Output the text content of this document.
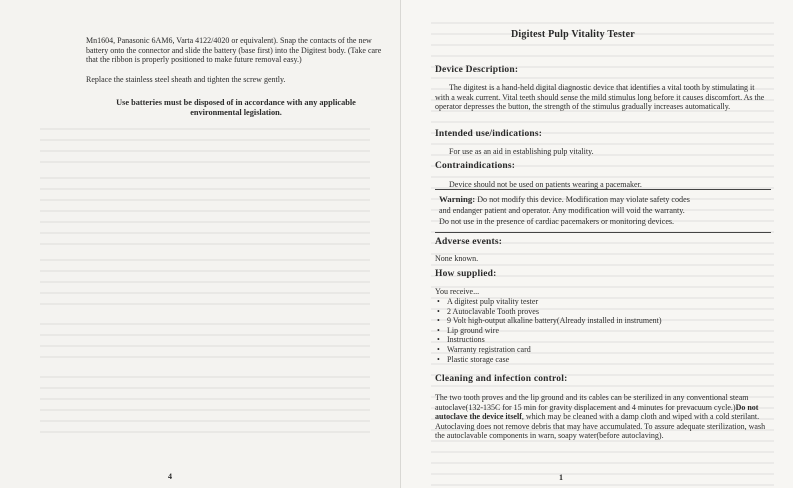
Mn1604, Panasonic 6AM6, Varta 4122/4020 or equivalent). Snap the contacts of the new battery onto the connector and slide the battery (base first) into the Digitest body. (Take care that the ribbon is properly positioned to make future removal easy.)
Replace the stainless steel sheath and tighten the screw gently.
Use batteries must be disposed of in accordance with any applicable environmental legislation.
4
Digitest Pulp Vitality Tester
Device Description:
The digitest is a hand-held digital diagnostic device that identifies a vital tooth by stimulating it with a weak current. Vital teeth should sense the mild stimulus long before it causes discomfort. As the operator depresses the button, the strength of the stimulus gradually increases automatically.
Intended use/indications:
For use as an aid in establishing pulp vitality.
Contraindications:
Device should not be used on patients wearing a pacemaker.
Warning: Do not modify this device. Modification may violate safety codes
and endanger patient and operator. Any modification will void the warranty.
Do not use in the presence of cardiac pacemakers or monitoring devices.
Adverse events:
None known.
How supplied:
You receive...
• A digitest pulp vitality tester
• 2 Autoclavable Tooth proves
• 9 Volt high-output alkaline battery(Already installed in instrument)
• Lip ground wire
• Instructions
• Warranty registration card
• Plastic storage case
Cleaning and infection control:
The two tooth proves and the lip ground and its cables can be sterilized in any conventional steam autoclave(132-135C for 15 min for gravity displacement and 4 minutes for prevacuum cycle.)Do not autoclave the device itself, which may be cleaned with a damp cloth and wiped with a cold sterilant.
Autoclaving does not remove debris that may have accumulated. To assure adequate sterilization, wash the autoclavable components in warn, soapy water(before autoclaving).
1
